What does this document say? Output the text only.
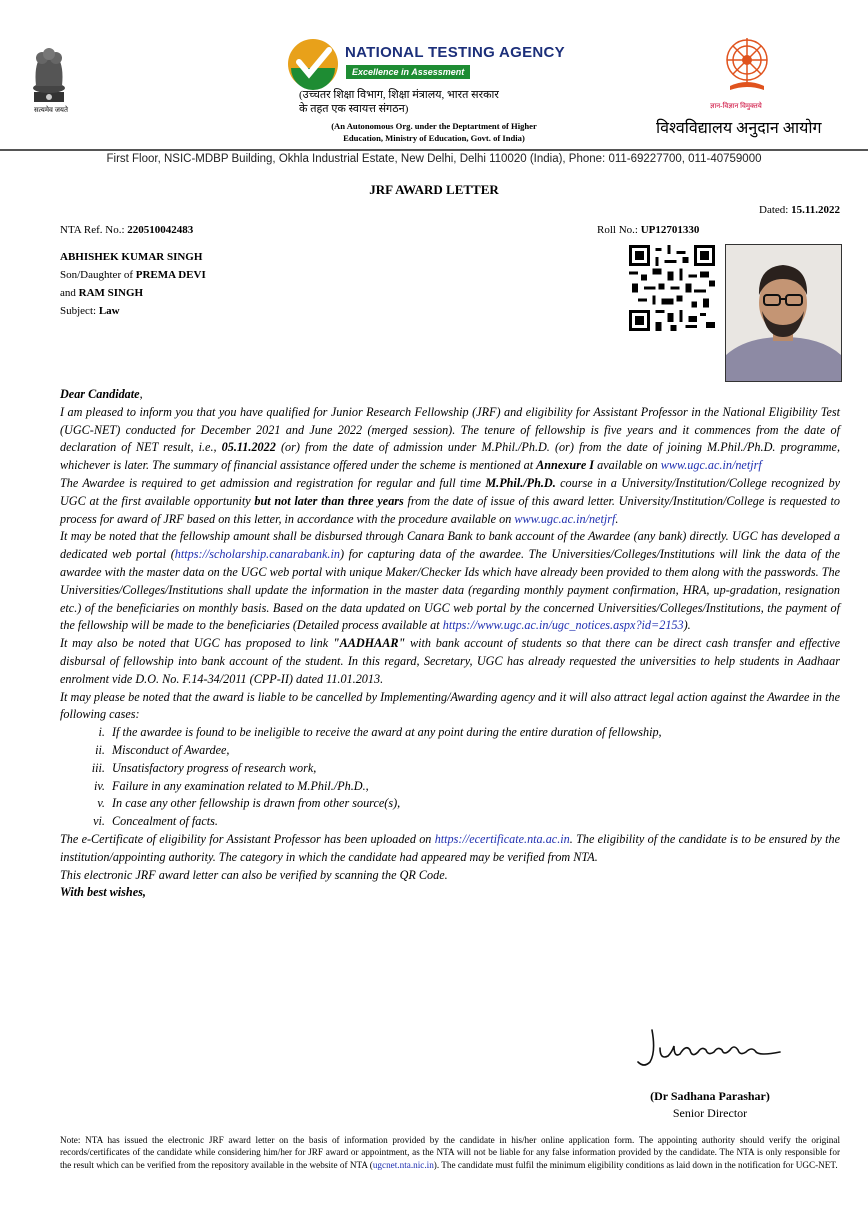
सत्यमेव जयते
NATIONAL TESTING AGENCY
Excellence in Assessment
(उच्चतर शिक्षा विभाग, शिक्षा मंत्रालय, भारत सरकार
के तहत एक स्वायत्त संगठन)
(An Autonomous Org. under the Deptartment of Higher
Education, Ministry of Education, Govt. of India)
ज्ञान-विज्ञान विमुक्तये
विश्वविद्यालय अनुदान आयोग
First Floor, NSIC-MDBP Building, Okhla Industrial Estate, New Delhi, Delhi 110020 (India), Phone: 011-69227700, 011-40759000
JRF AWARD LETTER
Dated: 15.11.2022
NTA Ref. No.: 220510042483	Roll No.: UP12701330
ABHISHEK KUMAR SINGH
Son/Daughter of PREMA DEVI
and RAM SINGH
Subject: Law

Dear Candidate,

I am pleased to inform you that you have qualified for Junior Research Fellowship (JRF) and eligibility for Assistant Professor in the National Eligibility Test (UGC-NET) conducted for December 2021 and June 2022 (merged session). The tenure of fellowship is five years and it commences from the date of declaration of NET result, i.e., 05.11.2022 (or) from the date of admission under M.Phil./Ph.D. (or) from the date of joining M.Phil./Ph.D. programme, whichever is later. The summary of financial assistance offered under the scheme is mentioned at Annexure I available on www.ugc.ac.in/netjrf

The Awardee is required to get admission and registration for regular and full time M.Phil./Ph.D. course in a University/Institution/College recognized by UGC at the first available opportunity but not later than three years from the date of issue of this award letter. University/Institution/College is requested to process for award of JRF based on this letter, in accordance with the procedure available on www.ugc.ac.in/netjrf.

It may be noted that the fellowship amount shall be disbursed through Canara Bank to bank account of the Awardee (any bank) directly. UGC has developed a dedicated web portal (https://scholarship.canarabank.in) for capturing data of the awardee. The Universities/Colleges/Institutions will link the data of the awardee with the master data on the UGC web portal with unique Maker/Checker Ids which have already been provided to them along with the passwords. The Universities/Colleges/Institutions shall update the information in the master data (regarding monthly payment confirmation, HRA, up-gradation, resignation etc.) of the beneficiaries on monthly basis. Based on the data updated on UGC web portal by the concerned Universities/Colleges/Institutions, the payment of the fellowship will be made to the beneficiaries (Detailed process available at https://www.ugc.ac.in/ugc_notices.aspx?id=2153).

It may also be noted that UGC has proposed to link "AADHAAR" with bank account of students so that there can be direct cash transfer and effective disbursal of fellowship into bank account of the student. In this regard, Secretary, UGC has already requested the universities to help students in Aadhaar enrolment vide D.O. No. F.14-34/2011 (CPP-II) dated 11.01.2013.

It may please be noted that the award is liable to be cancelled by Implementing/Awarding agency and it will also attract legal action against the Awardee in the following cases:

i. If the awardee is found to be ineligible to receive the award at any point during the entire duration of fellowship,
ii. Misconduct of Awardee,
iii. Unsatisfactory progress of research work,
iv. Failure in any examination related to M.Phil./Ph.D.,
v. In case any other fellowship is drawn from other source(s),
vi. Concealment of facts.

The e-Certificate of eligibility for Assistant Professor has been uploaded on https://ecertificate.nta.ac.in. The eligibility of the candidate is to be ensured by the institution/appointing authority. The category in which the candidate had appeared may be verified from NTA.

This electronic JRF award letter can also be verified by scanning the QR Code.

With best wishes,

(Dr Sadhana Parashar)
Senior Director
Note: NTA has issued the electronic JRF award letter on the basis of information provided by the candidate in his/her online application form. The appointing authority should verify the original records/certificates of the candidate while considering him/her for JRF award or appointment, as the NTA will not be liable for any false information provided by the candidate. The NTA is only responsible for the result which can be verified from the repository available in the website of NTA (ugcnet.nta.nic.in). The candidate must fulfil the minimum eligibility conditions as laid down in the notification for UGC-NET.
